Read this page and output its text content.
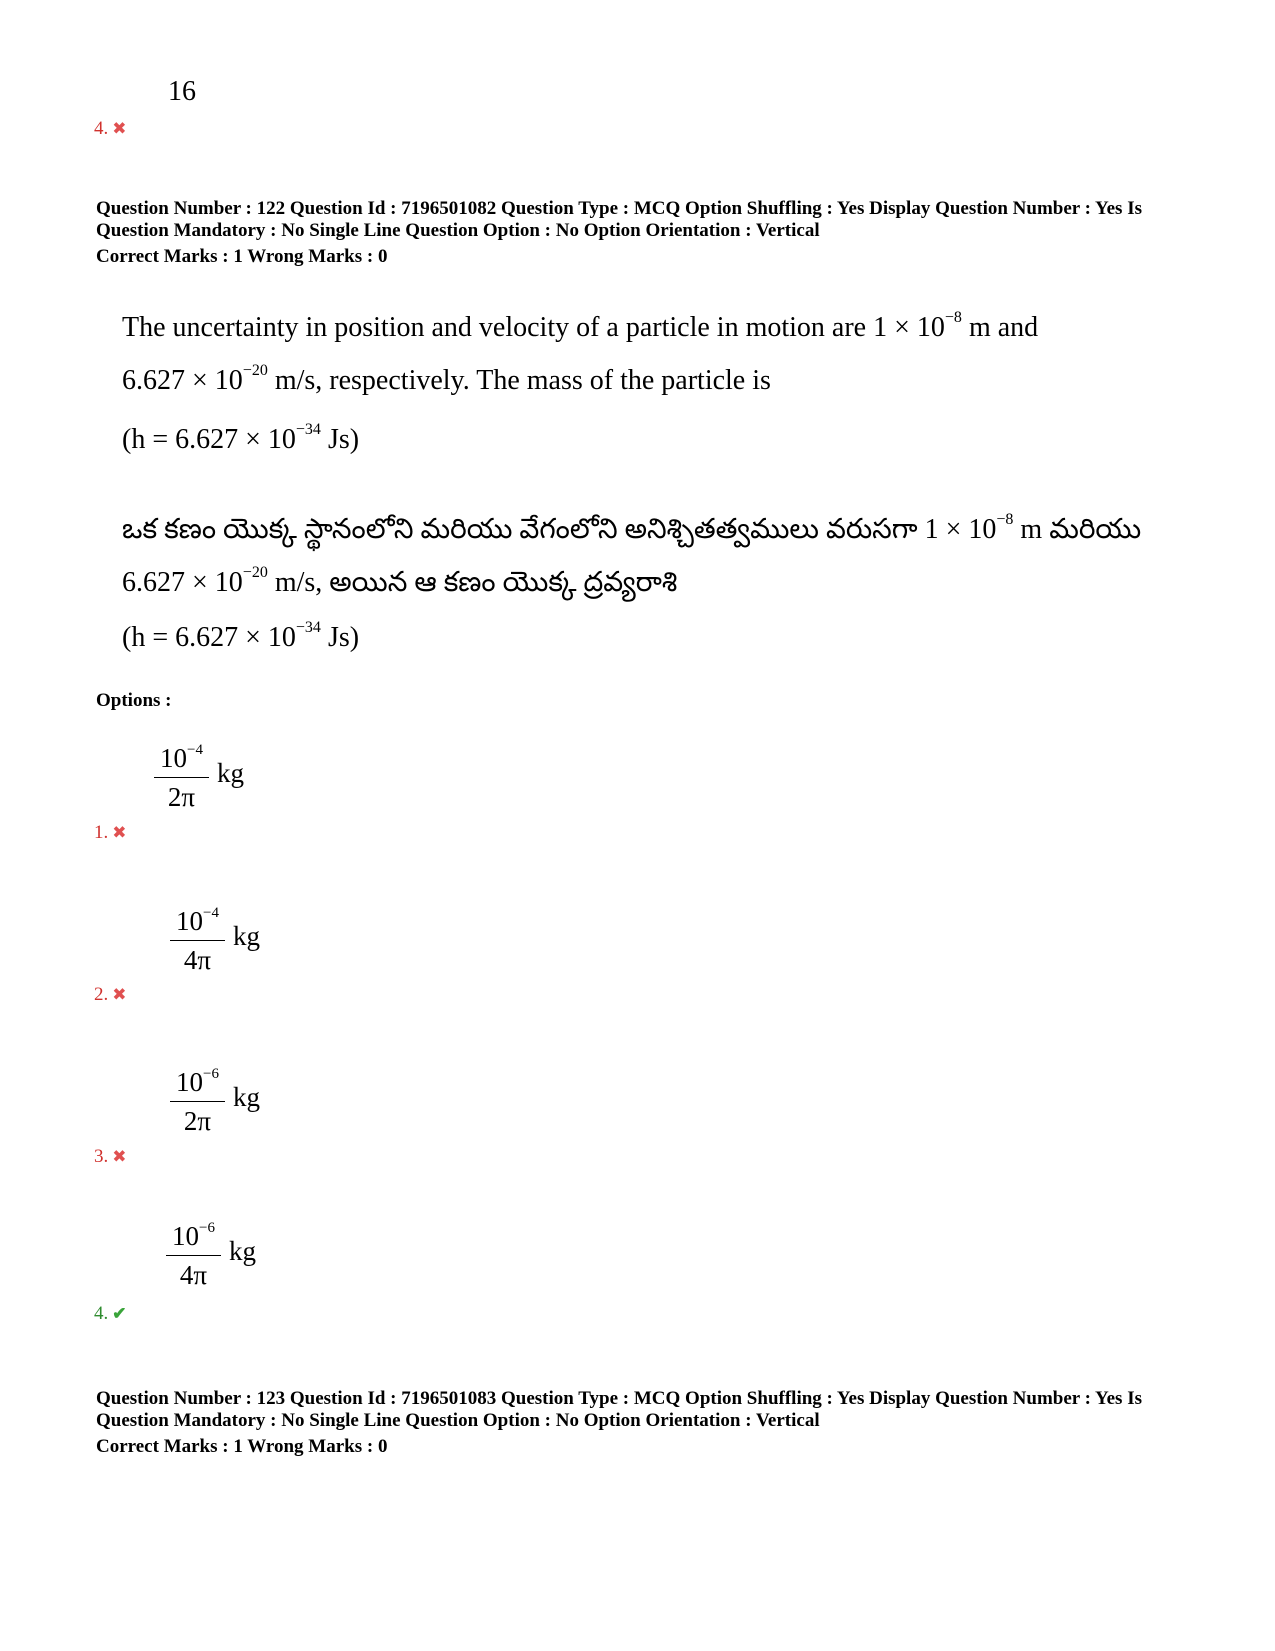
16
4. ✖
Question Number : 122 Question Id : 7196501082 Question Type : MCQ Option Shuffling : Yes Display Question Number : Yes Is
Question Mandatory : No Single Line Question Option : No Option Orientation : Vertical
Correct Marks : 1 Wrong Marks : 0
The uncertainty in position and velocity of a particle in motion are $1 \times 10^{-8}$ m and
$6.627 \times 10^{-20}$ m/s, respectively. The mass of the particle is
($h = 6.627 \times 10^{-34}$ Js)
ఒక కణం యొక్క స్థానంలోని మరియు వేగంలోని అనిశ్చితత్వములు వరుసగా $1 \times 10^{-8}$ m మరియు
$6.627 \times 10^{-20}$ m/s, అయిన ఆ కణం యొక్క ద్రవ్యరాశి
($h = 6.627 \times 10^{-34}$ Js)
Options :
$\frac{10^{-4}}{2\pi}$ kg
1. ✖
$\frac{10^{-4}}{4\pi}$ kg
2. ✖
$\frac{10^{-6}}{2\pi}$ kg
3. ✖
$\frac{10^{-6}}{4\pi}$ kg
4. ✔
Question Number : 123 Question Id : 7196501083 Question Type : MCQ Option Shuffling : Yes Display Question Number : Yes Is
Question Mandatory : No Single Line Question Option : No Option Orientation : Vertical
Correct Marks : 1 Wrong Marks : 0
